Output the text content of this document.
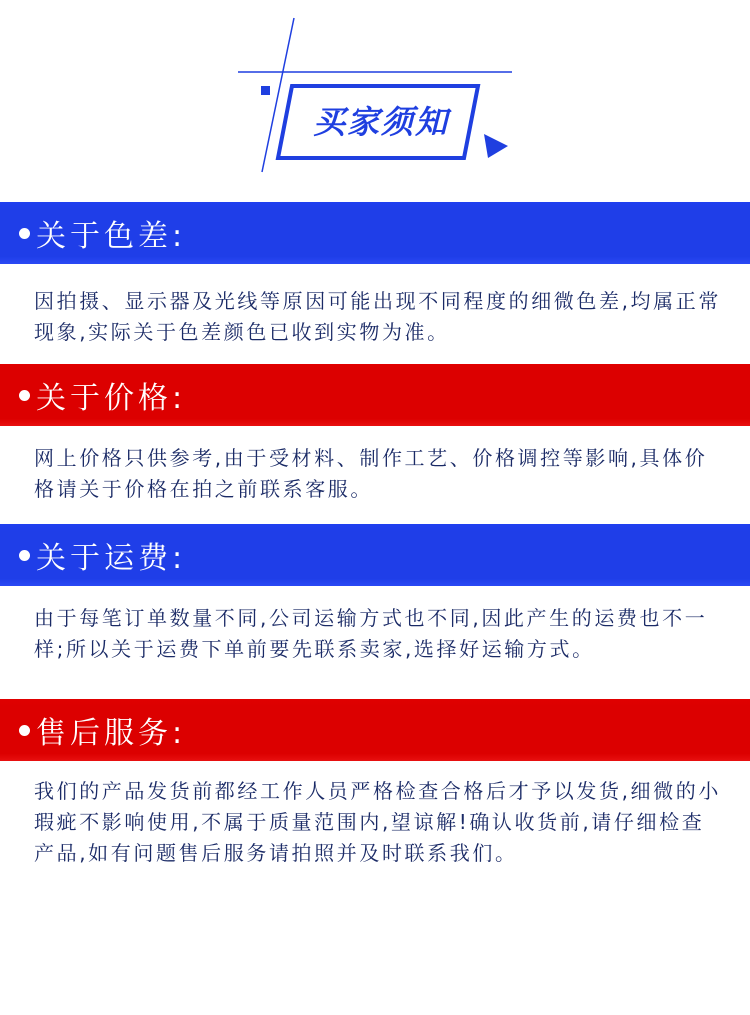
买家须知
关于色差:

因拍摄、显示器及光线等原因可能出现不同程度的细微色差,均属正常现象,实际关于色差颜色已收到实物为准。

关于价格:

网上价格只供参考,由于受材料、制作工艺、价格调控等影响,具体价格请关于价格在拍之前联系客服。

关于运费:

由于每笔订单数量不同,公司运输方式也不同,因此产生的运费也不一样;所以关于运费下单前要先联系卖家,选择好运输方式。

售后服务:

我们的产品发货前都经工作人员严格检查合格后才予以发货,细微的小瑕疵不影响使用,不属于质量范围内,望谅解!确认收货前,请仔细检查产品,如有问题售后服务请拍照并及时联系我们。
